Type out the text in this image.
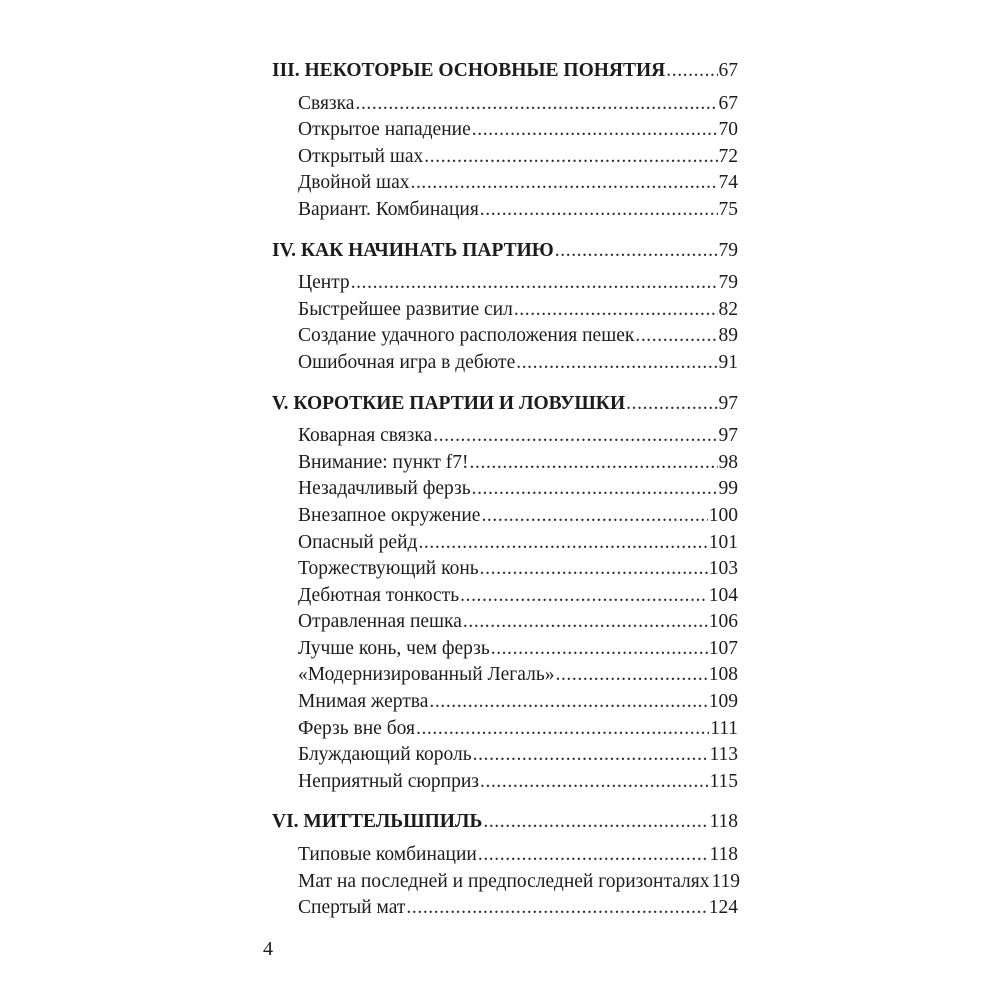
III. НЕКОТОРЫЕ ОСНОВНЫЕ ПОНЯТИЯ .....	67
Связка .....	67
Открытое нападение .....	70
Открытый шах .....	72
Двойной шах .....	74
Вариант. Комбинация .....	75
IV. КАК НАЧИНАТЬ ПАРТИЮ .....	79
Центр .....	79
Быстрейшее развитие сил .....	82
Создание удачного расположения пешек .....	89
Ошибочная игра в дебюте .....	91
V. КОРОТКИЕ ПАРТИИ И ЛОВУШКИ .....	97
Коварная связка .....	97
Внимание: пункт f7! .....	98
Незадачливый ферзь .....	99
Внезапное окружение .....	100
Опасный рейд .....	101
Торжествующий конь .....	103
Дебютная тонкость .....	104
Отравленная пешка .....	106
Лучше конь, чем ферзь .....	107
«Модернизированный Легаль» .....	108
Мнимая жертва .....	109
Ферзь вне боя .....	111
Блуждающий король .....	113
Неприятный сюрприз .....	115
VI. МИТТЕЛЬШПИЛЬ .....	118
Типовые комбинации .....	118
Мат на последней и предпоследней горизонталях 119
Спертый мат .....	124
4
